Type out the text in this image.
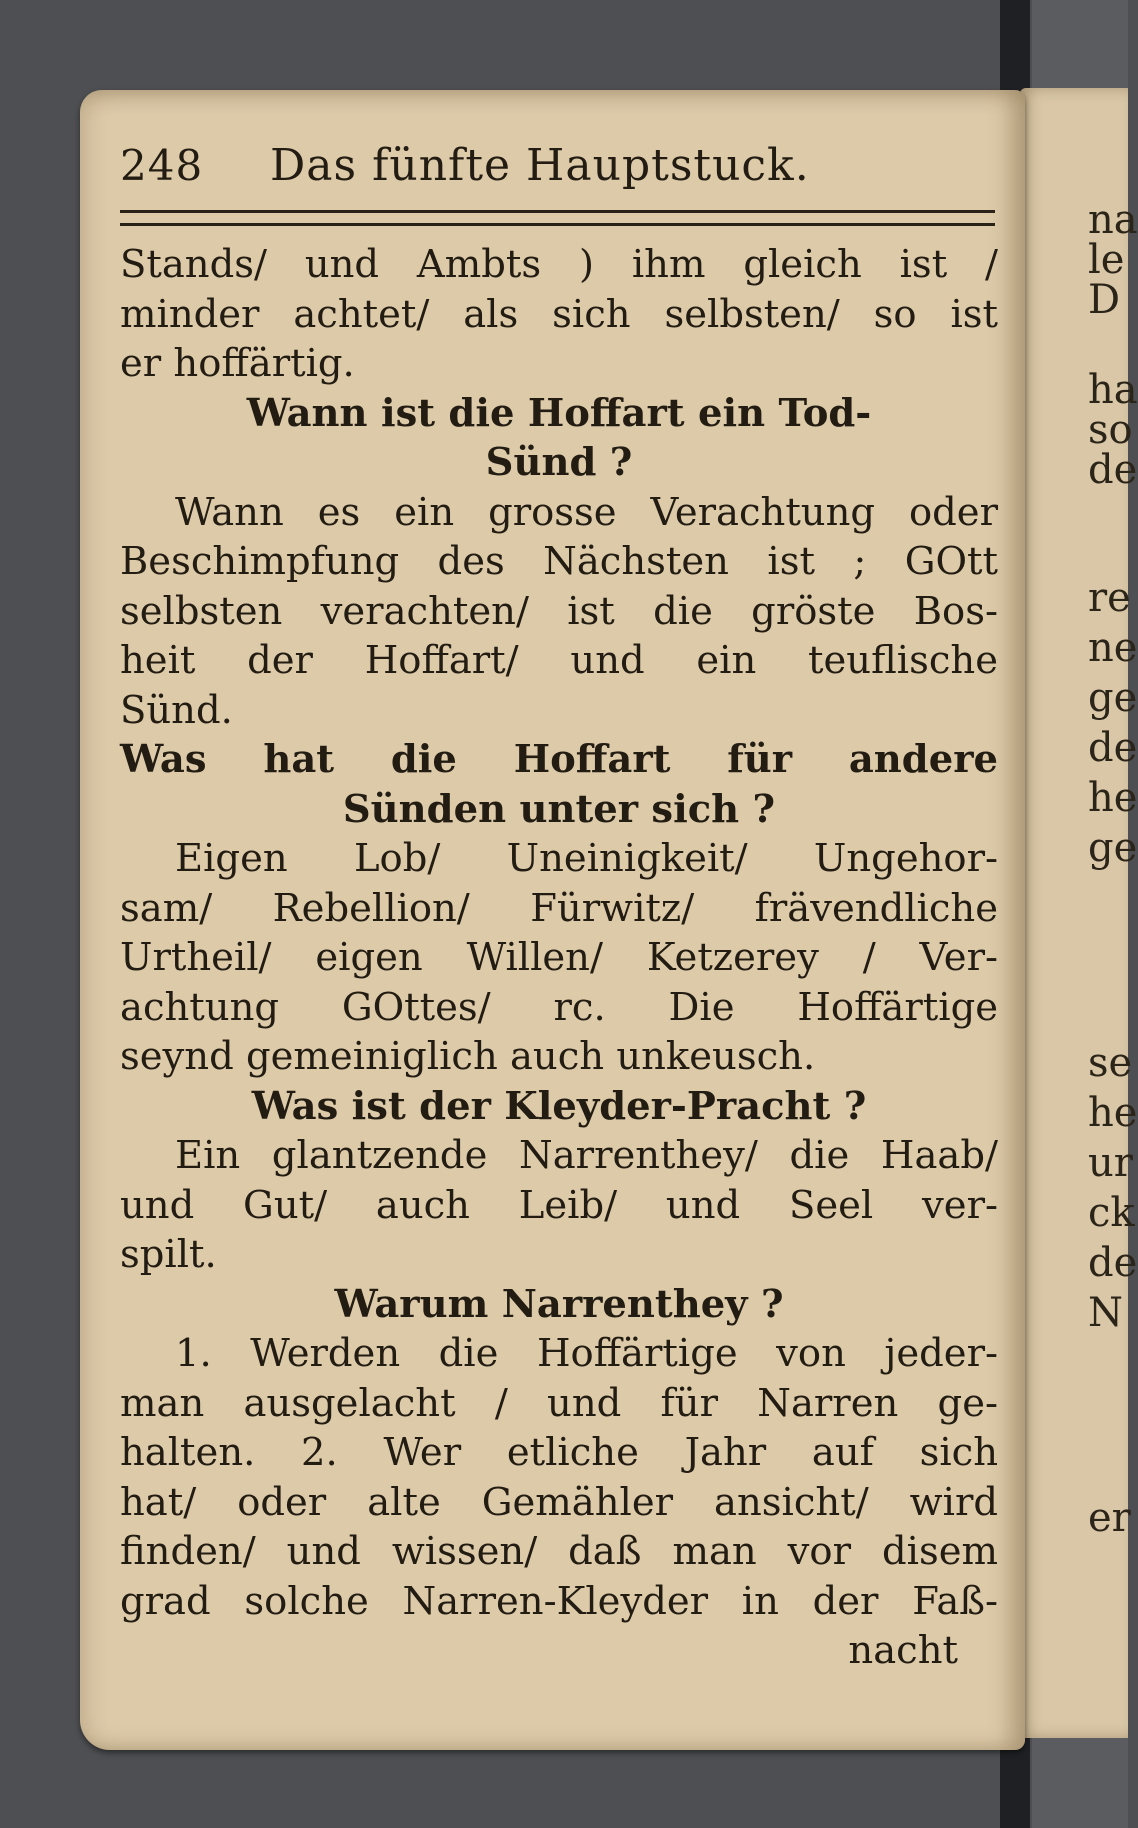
na
le
D
ha
so
de
re
ne
ge
de
he
ge
se
he
ur
ck
de
N
er
248	Das fünfte Hauptstuck.
Stands/ und Ambts ) ihm gleich ist /
minder achtet/ als sich selbsten/ so ist
er hoffärtig.
Wann ist die Hoffart ein Tod-
Sünd ?
Wann es ein grosse Verachtung oder
Beschimpfung des Nächsten ist ; GOtt
selbsten verachten/ ist die gröste Bos-
heit der Hoffart/ und ein teuflische
Sünd.
Was hat die Hoffart für andere
Sünden unter sich ?
Eigen Lob/ Uneinigkeit/ Ungehor-
sam/ Rebellion/ Fürwitz/ frävendliche
Urtheil/ eigen Willen/ Ketzerey / Ver-
achtung GOttes/ rc. Die Hoffärtige
seynd gemeiniglich auch unkeusch.
Was ist der Kleyder-Pracht ?
Ein glantzende Narrenthey/ die Haab/
und Gut/ auch Leib/ und Seel ver-
spilt.
Warum Narrenthey ?
1. Werden die Hoffärtige von jeder-
man ausgelacht / und für Narren ge-
halten. 2. Wer etliche Jahr auf sich
hat/ oder alte Gemähler ansicht/ wird
finden/ und wissen/ daß man vor disem
grad solche Narren-Kleyder in der Faß-
nacht
